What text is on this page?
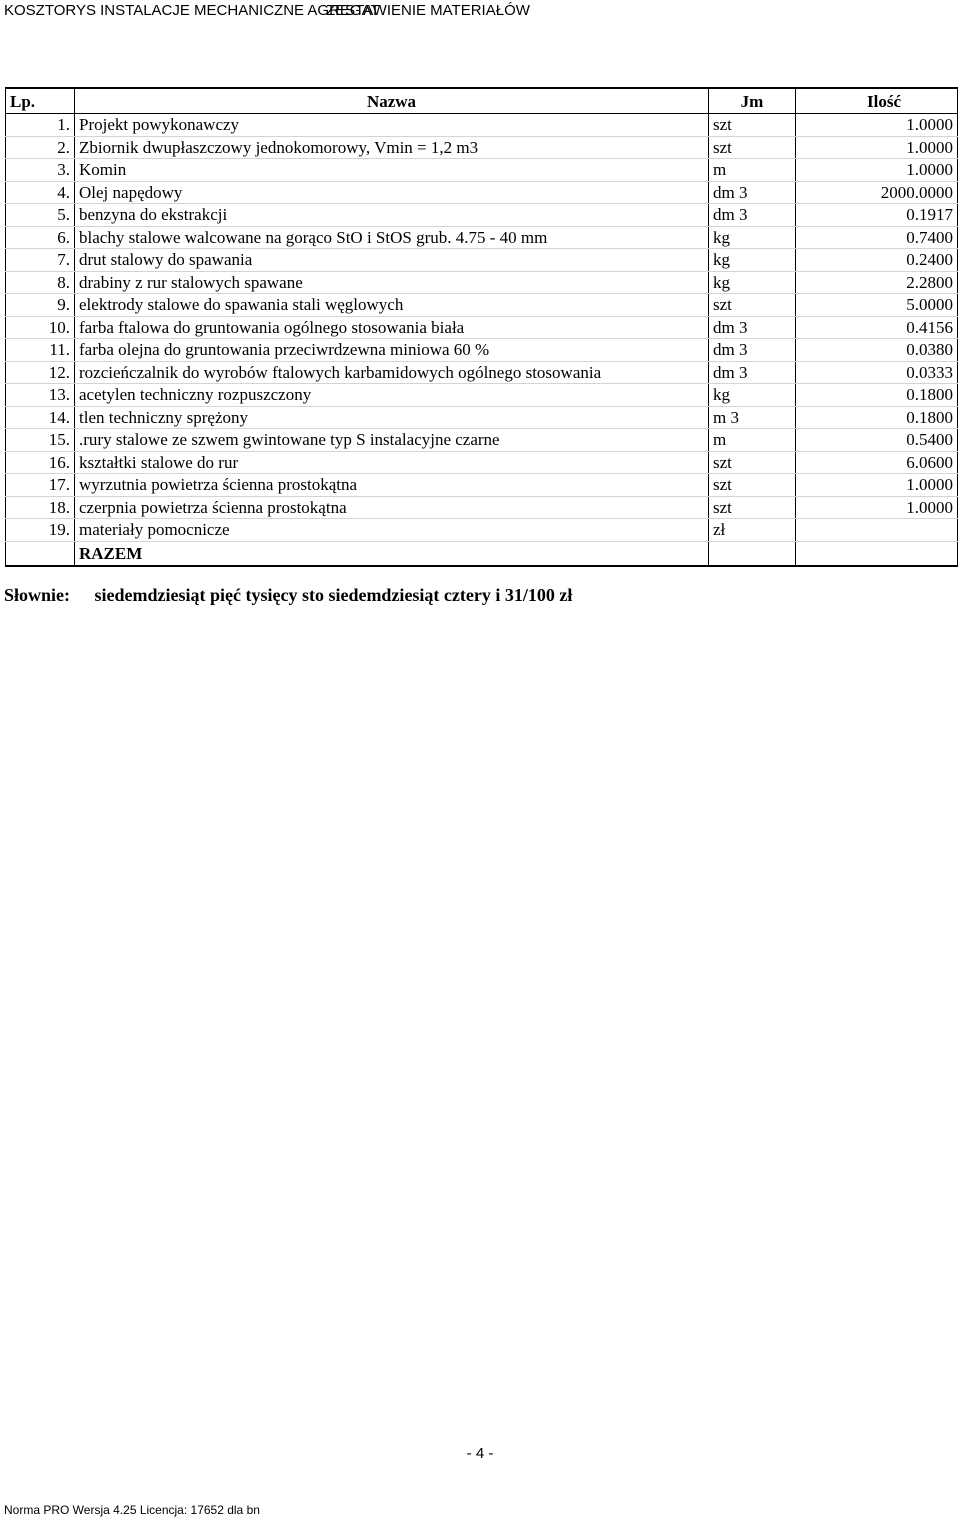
KOSZTORYS INSTALACJE MECHANICZNE AGREGAT
ZESTAWIENIE MATERIAŁÓW
Lp.	Nazwa	Jm	Ilość
1.	Projekt powykonawczy	szt	1.0000
2.	Zbiornik dwupłaszczowy jednokomorowy, Vmin = 1,2 m3	szt	1.0000
3.	Komin	m	1.0000
4.	Olej napędowy	dm 3	2000.0000
5.	benzyna do ekstrakcji	dm 3	0.1917
6.	blachy stalowe walcowane na gorąco StO i StOS grub. 4.75 - 40 mm	kg	0.7400
7.	drut stalowy do spawania	kg	0.2400
8.	drabiny z rur stalowych spawane	kg	2.2800
9.	elektrody stalowe do spawania stali węglowych	szt	5.0000
10.	farba ftalowa do gruntowania ogólnego stosowania biała	dm 3	0.4156
11.	farba olejna do gruntowania przeciwrdzewna miniowa 60 %	dm 3	0.0380
12.	rozcieńczalnik do wyrobów ftalowych karbamidowych ogólnego stosowania	dm 3	0.0333
13.	acetylen techniczny rozpuszczony	kg	0.1800
14.	tlen techniczny sprężony	m 3	0.1800
15.	.rury stalowe ze szwem gwintowane typ S instalacyjne czarne	m	0.5400
16.	kształtki stalowe do rur	szt	6.0600
17.	wyrzutnia powietrza ścienna prostokątna	szt	1.0000
18.	czerpnia powietrza ścienna prostokątna	szt	1.0000
19.	materiały pomocnicze	zł	
	RAZEM		
Słownie: siedemdziesiąt pięć tysięcy sto siedemdziesiąt cztery i 31/100 zł
- 4 -
Norma PRO Wersja 4.25 Licencja: 17652 dla bn
